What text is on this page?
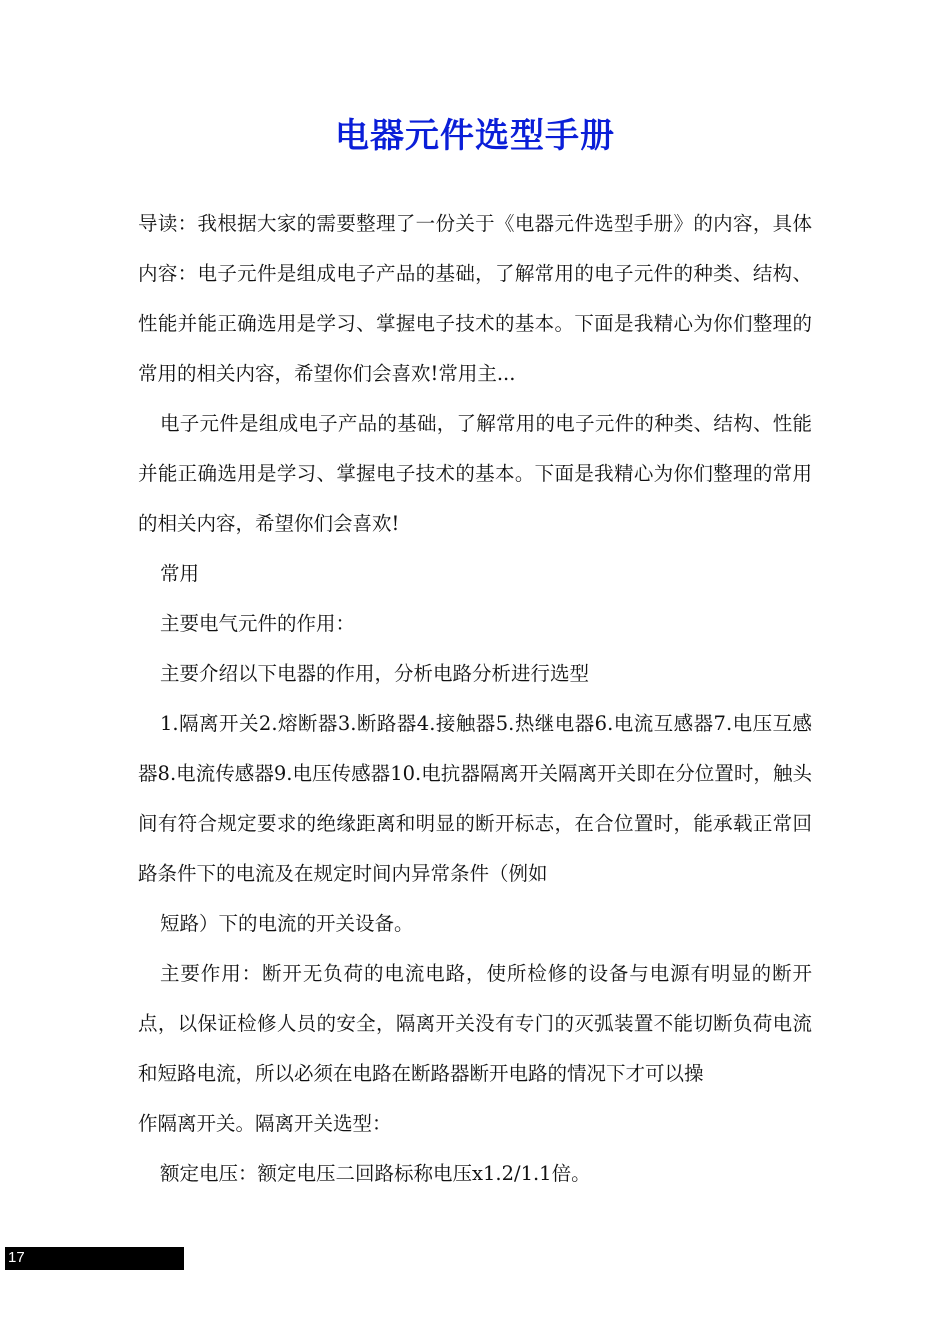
电器元件选型手册

导读：我根据大家的需要整理了一份关于《电器元件选型手册》的内容，具体内容：电子元件是组成电子产品的基础，了解常用的电子元件的种类、结构、性能并能正确选用是学习、掌握电子技术的基本。下面是我精心为你们整理的常用的相关内容，希望你们会喜欢!常用主...

电子元件是组成电子产品的基础，了解常用的电子元件的种类、结构、性能并能正确选用是学习、掌握电子技术的基本。下面是我精心为你们整理的常用的相关内容，希望你们会喜欢!

常用

主要电气元件的作用：

主要介绍以下电器的作用，分析电路分析进行选型

1.隔离开关2.熔断器3.断路器4.接触器5.热继电器6.电流互感器7.电压互感器8.电流传感器9.电压传感器10.电抗器隔离开关隔离开关即在分位置时，触头间有符合规定要求的绝缘距离和明显的断开标志，在合位置时，能承载正常回路条件下的电流及在规定时间内异常条件（例如

短路）下的电流的开关设备。

主要作用：断开无负荷的电流电路，使所检修的设备与电源有明显的断开点，以保证检修人员的安全，隔离开关没有专门的灭弧装置不能切断负荷电流和短路电流，所以必须在电路在断路器断开电路的情况下才可以操

作隔离开关。隔离开关选型：

额定电压：额定电压二回路标称电压x1.2/1.1倍。

17
